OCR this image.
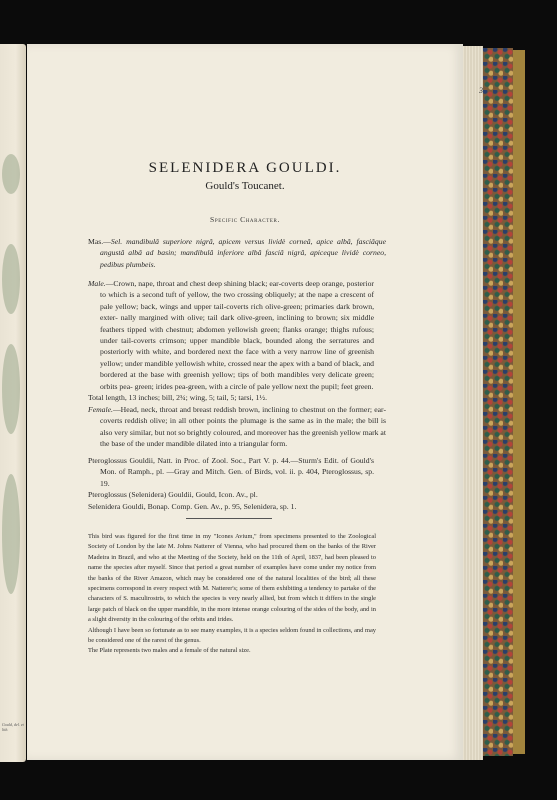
Gould, del. et lith.
3
SELENIDERA GOULDI.
Gould's Toucanet.
Specific Character.
Mas.—Sel. mandibulâ superiore nigrâ, apicem versus lividè corneâ, apice albâ, fasciâque angustâ albâ ad basin; mandibulâ inferiore albâ fasciâ nigrâ, apiceque lividè corneo, pedibus plumbeis.
Male.—Crown, nape, throat and chest deep shining black; ear-coverts deep orange, posterior to which is a second tuft of yellow, the two crossing obliquely; at the nape a crescent of pale yellow; back, wings and upper tail-coverts rich olive-green; primaries dark brown, exter- nally margined with olive; tail dark olive-green, inclining to brown; six middle feathers tipped with chestnut; abdomen yellowish green; flanks orange; thighs rufous; under tail-coverts crimson; upper mandible black, bounded along the serratures and posteriorly with white, and bordered next the face with a very narrow line of greenish yellow; under mandible yellowish white, crossed near the apex with a band of black, and bordered at the base with greenish yellow; tips of both mandibles very delicate green; orbits pea- green; irides pea-green, with a circle of pale yellow next the pupil; feet green.
Total length, 13 inches; bill, 2¾; wing, 5; tail, 5; tarsi, 1½.
Female.—Head, neck, throat and breast reddish brown, inclining to chestnut on the former; ear-coverts reddish olive; in all other points the plumage is the same as in the male; the bill is also very similar, but not so brightly coloured, and moreover has the greenish yellow mark at the base of the under mandible dilated into a triangular form.
Pteroglossus Gouldii, Natt. in Proc. of Zool. Soc., Part V. p. 44.—Sturm's Edit. of Gould's Mon. of Ramph., pl. —Gray and Mitch. Gen. of Birds, vol. ii. p. 404, Pteroglossus, sp. 19.
Pteroglossus (Selenidera) Gouldii, Gould, Icon. Av., pl.
Selenidera Gouldi, Bonap. Comp. Gen. Av., p. 95, Selenidera, sp. 1.

This bird was figured for the first time in my "Icones Avium," from specimens presented to the Zoological Society of London by the late M. Johns Natterer of Vienna, who had procured them on the banks of the River Madeira in Brazil, and who at the Meeting of the Society, held on the 11th of April, 1837, had been pleased to name the species after myself. Since that period a great number of examples have come under my notice from the banks of the River Amazon, which may be considered one of the natural localities of the bird; all these specimens correspond in every respect with M. Natterer's; some of them exhibiting a tendency to partake of the characters of S. maculirostris, to which the species is very nearly allied, but from which it differs in the single large patch of black on the upper mandible, in the more intense orange colouring of the sides of the body, and in a slight diversity in the colouring of the orbits and irides.

Although I have been so fortunate as to see many examples, it is a species seldom found in collections, and may be considered one of the rarest of the genus.

The Plate represents two males and a female of the natural size.
